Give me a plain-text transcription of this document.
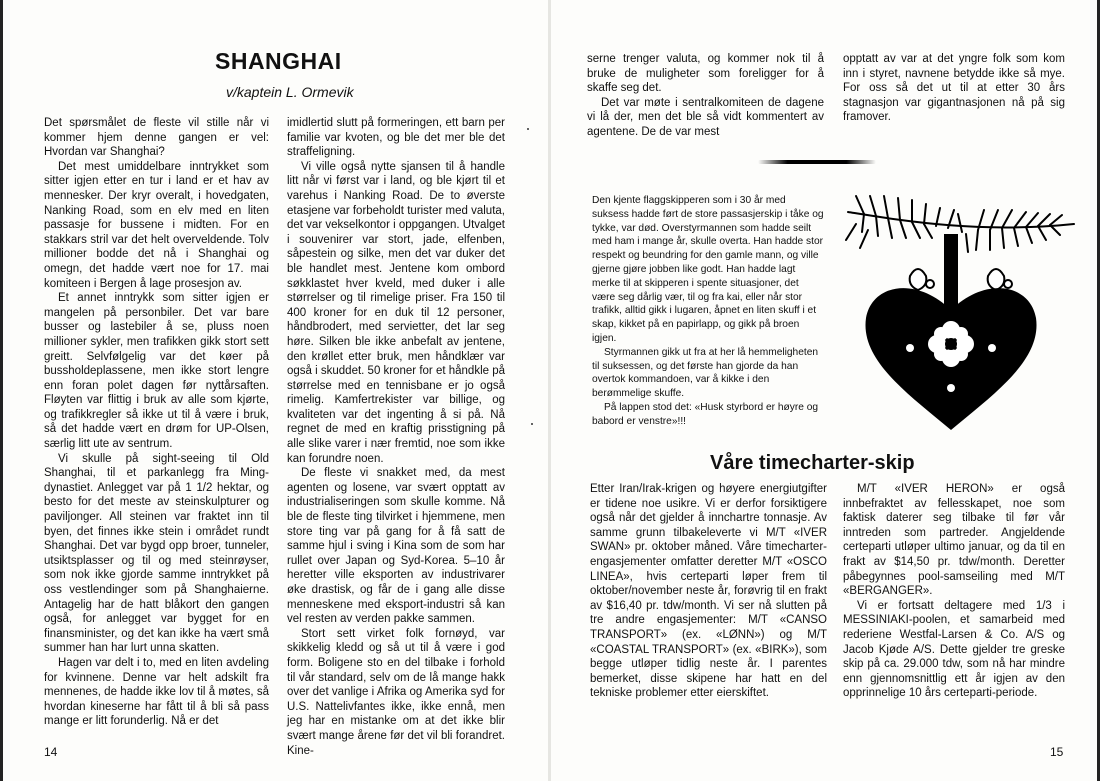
SHANGHAI
v/kaptein L. Ormevik

Det spørsmålet de fleste vil stille når vi kommer hjem denne gangen er vel: Hvordan var Shanghai?

Det mest umiddelbare inntrykket som sitter igjen etter en tur i land er et hav av mennesker. Der kryr overalt, i hovedgaten, Nanking Road, som en elv med en liten passasje for bussene i midten. For en stakkars stril var det helt overveldende. Tolv millioner bodde det nå i Shanghai og omegn, det hadde vært noe for 17. mai komiteen i Bergen å lage prosesjon av.

Et annet inntrykk som sitter igjen er mangelen på personbiler. Det var bare busser og lastebiler å se, pluss noen millioner sykler, men trafikken gikk stort sett greitt. Selvfølgelig var det køer på bussholdeplassene, men ikke stort lengre enn foran polet dagen før nyttårsaften. Fløyten var flittig i bruk av alle som kjørte, og trafikkregler så ikke ut til å være i bruk, så det hadde vært en drøm for UP-Olsen, særlig litt ute av sentrum.

Vi skulle på sight-seeing til Old Shanghai, til et parkanlegg fra Ming-dynastiet. Anlegget var på 1 1/2 hektar, og besto for det meste av steinskulpturer og paviljonger. All steinen var fraktet inn til byen, det finnes ikke stein i området rundt Shanghai. Det var bygd opp broer, tunneler, utsiktsplasser og til og med steinrøyser, som nok ikke gjorde samme inntrykket på oss vestlendinger som på Shanghaierne. Antagelig har de hatt blåkort den gangen også, for anlegget var bygget for en finansminister, og det kan ikke ha vært små summer han har lurt unna skatten.

Hagen var delt i to, med en liten avdeling for kvinnene. Denne var helt adskilt fra mennenes, de hadde ikke lov til å møtes, så hvordan kineserne har fått til å bli så pass mange er litt forunderlig. Nå er det

imidlertid slutt på formeringen, ett barn per familie var kvoten, og ble det mer ble det straffeligning.

Vi ville også nytte sjansen til å handle litt når vi først var i land, og ble kjørt til et varehus i Nanking Road. De to øverste etasjene var forbeholdt turister med valuta, det var vekselkontor i oppgangen. Utvalget i souvenirer var stort, jade, elfenben, såpestein og silke, men det var duker det ble handlet mest. Jentene kom ombord søkklastet hver kveld, med duker i alle størrelser og til rimelige priser. Fra 150 til 400 kroner for en duk til 12 personer, håndbrodert, med servietter, det lar seg høre. Silken ble ikke anbefalt av jentene, den krøllet etter bruk, men håndklær var også i skuddet. 50 kroner for et håndkle på størrelse med en tennisbane er jo også rimelig. Kamfertrekister var billige, og kvaliteten var det ingenting å si på. Nå regnet de med en kraftig prisstigning på alle slike varer i nær fremtid, noe som ikke kan forundre noen.

De fleste vi snakket med, da mest agenten og losene, var svært opptatt av industrialiseringen som skulle komme. Nå ble de fleste ting tilvirket i hjemmene, men store ting var på gang for å få satt de samme hjul i sving i Kina som de som har rullet over Japan og Syd-Korea. 5–10 år heretter ville eksporten av industrivarer øke drastisk, og får de i gang alle disse menneskene med eksport-industri så kan vel resten av verden pakke sammen.

Stort sett virket folk fornøyd, var skikkelig kledd og så ut til å være i god form. Boligene sto en del tilbake i forhold til vår standard, selv om de lå mange hakk over det vanlige i Afrika og Amerika syd for U.S. Nattelivfantes ikke, ikke ennå, men jeg har en mistanke om at det ikke blir svært mange årene før det vil bli forandret. Kine-

14

serne trenger valuta, og kommer nok til å bruke de muligheter som foreligger for å skaffe seg det.

Det var møte i sentralkomiteen de dagene vi lå der, men det ble så vidt kommentert av agentene. De de var mest

opptatt av var at det yngre folk som kom inn i styret, navnene betydde ikke så mye. For oss så det ut til at etter 30 års stagnasjon var gigantnasjonen nå på sig framover.

Den kjente flaggskipperen som i 30 år med suksess hadde ført de store passasjerskip i tåke og tykke, var død. Overstyrmannen som hadde seilt med ham i mange år, skulle overta. Han hadde stor respekt og beundring for den gamle mann, og ville gjerne gjøre jobben like godt. Han hadde lagt merke til at skipperen i spente situasjoner, det være seg dårlig vær, til og fra kai, eller når stor trafikk, alltid gikk i lugaren, åpnet en liten skuff i et skap, kikket på en papirlapp, og gikk på broen igjen.

Styrmannen gikk ut fra at her lå hemmeligheten til suksessen, og det første han gjorde da han overtok kommandoen, var å kikke i den berømmelige skuffe.

På lappen stod det: «Husk styrbord er høyre og babord er venstre»!!!

Våre timecharter-skip

Etter Iran/Irak-krigen og høyere energiutgifter er tidene noe usikre. Vi er derfor forsiktigere også når det gjelder å innchartre tonnasje. Av samme grunn tilbakeleverte vi M/T «IVER SWAN» pr. oktober måned. Våre timecharter-engasjementer omfatter deretter M/T «OSCO LINEA», hvis certeparti løper frem til oktober/november neste år, forøvrig til en frakt av $16,40 pr. tdw/month. Vi ser nå slutten på tre andre engasjementer: M/T «CANSO TRANSPORT» (ex. «LØNN») og M/T «COASTAL TRANSPORT» (ex. «BIRK»), som begge utløper tidlig neste år. I parentes bemerket, disse skipene har hatt en del tekniske problemer etter eierskiftet.

M/T «IVER HERON» er også innbefraktet av fellesskapet, noe som faktisk daterer seg tilbake til før vår inntreden som partreder. Angjeldende certeparti utløper ultimo januar, og da til en frakt av $14,50 pr. tdw/month. Deretter påbegynnes pool-samseiling med M/T «BERGANGER».

Vi er fortsatt deltagere med 1/3 i MESSINIAKI-poolen, et samarbeid med rederiene Westfal-Larsen & Co. A/S og Jacob Kjøde A/S. Dette gjelder tre greske skip på ca. 29.000 tdw, som nå har mindre enn gjennomsnittlig ett år igjen av den opprinnelige 10 års certeparti-periode.

15
